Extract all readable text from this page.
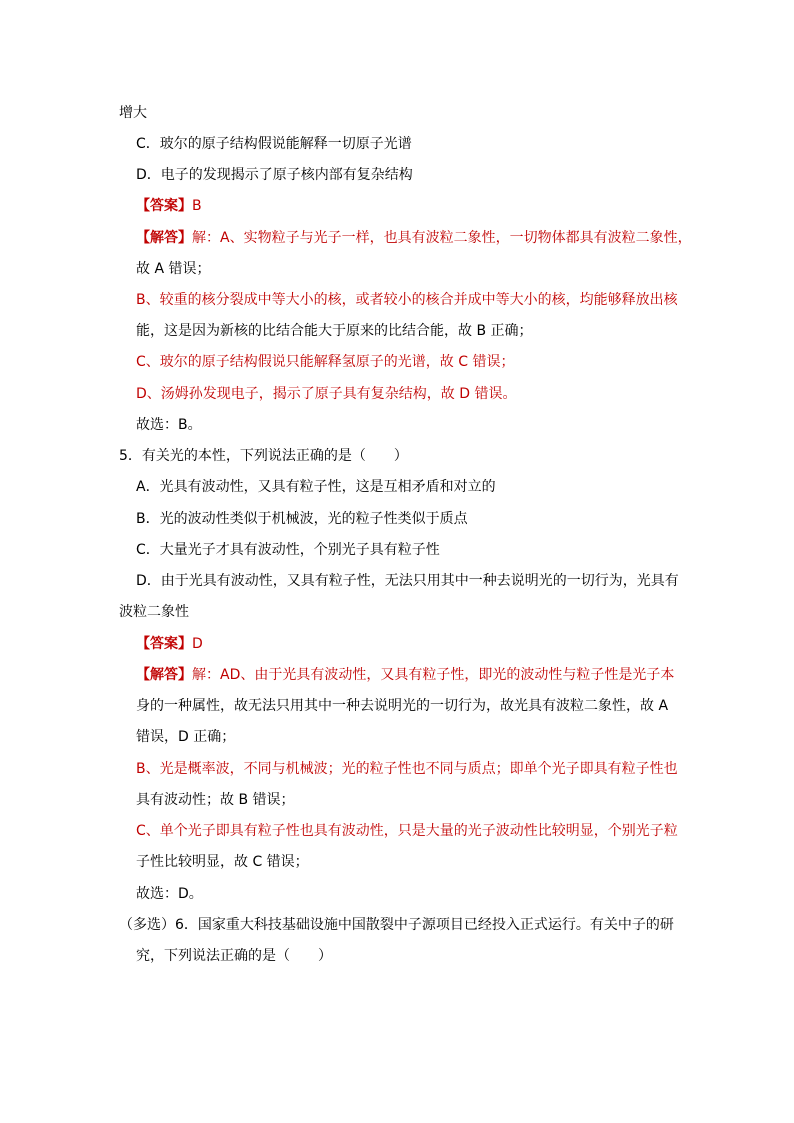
增大
C．玻尔的原子结构假说能解释一切原子光谱
D．电子的发现揭示了原子核内部有复杂结构
【答案】B
【解答】解：A、实物粒子与光子一样，也具有波粒二象性，一切物体都具有波粒二象性，
故 A 错误；
B、较重的核分裂成中等大小的核，或者较小的核合并成中等大小的核，均能够释放出核
能，这是因为新核的比结合能大于原来的比结合能，故 B 正确；
C、玻尔的原子结构假说只能解释氢原子的光谱，故 C 错误；
D、汤姆孙发现电子，揭示了原子具有复杂结构，故 D 错误。
故选：B。
5．有关光的本性，下列说法正确的是（　　）
A．光具有波动性，又具有粒子性，这是互相矛盾和对立的
B．光的波动性类似于机械波，光的粒子性类似于质点
C．大量光子才具有波动性，个别光子具有粒子性
D．由于光具有波动性，又具有粒子性，无法只用其中一种去说明光的一切行为，光具有
波粒二象性
【答案】D
【解答】解：AD、由于光具有波动性，又具有粒子性，即光的波动性与粒子性是光子本
身的一种属性，故无法只用其中一种去说明光的一切行为，故光具有波粒二象性，故 A
错误，D 正确；
B、光是概率波，不同与机械波；光的粒子性也不同与质点；即单个光子即具有粒子性也
具有波动性；故 B 错误；
C、单个光子即具有粒子性也具有波动性，只是大量的光子波动性比较明显，个别光子粒
子性比较明显，故 C 错误；
故选：D。
（多选）6．国家重大科技基础设施中国散裂中子源项目已经投入正式运行。有关中子的研
究，下列说法正确的是（　　）
